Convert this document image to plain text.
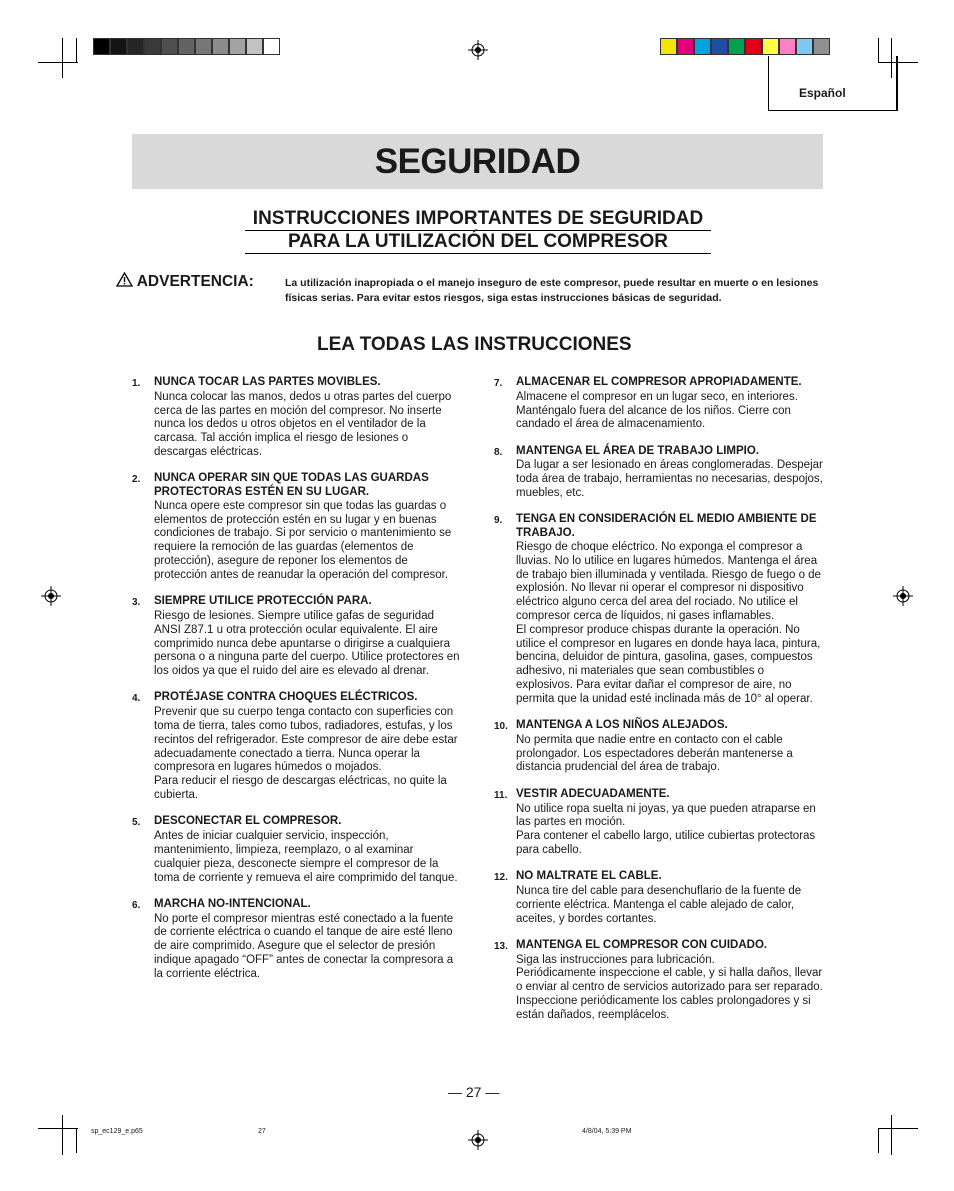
Español
SEGURIDAD
INSTRUCCIONES IMPORTANTES DE SEGURIDAD
PARA LA UTILIZACIÓN DEL COMPRESOR
ADVERTENCIA:	La utilización inapropiada o el manejo inseguro de este compresor, puede resultar en muerte o en lesiones físicas serias. Para evitar estos riesgos, siga estas instrucciones básicas de seguridad.
LEA TODAS LAS INSTRUCCIONES
1.	NUNCA TOCAR LAS PARTES MOVIBLES.

Nunca colocar las manos, dedos u otras partes del cuerpo cerca de las partes en moción del compresor. No inserte nunca los dedos u otros objetos en el ventilador de la carcasa. Tal acción implica el riesgo de lesiones o descargas eléctricas.

2.	NUNCA OPERAR SIN QUE TODAS LAS GUARDAS PROTECTORAS ESTÉN EN SU LUGAR.

Nunca opere este compresor sin que todas las guardas o elementos de protección estén en su lugar y en buenas condiciones de trabajo. Si por servicio o mantenimiento se requiere la remoción de las guardas (elementos de protección), asegure de reponer los elementos de protección antes de reanudar la operación del compresor.

3.	SIEMPRE UTILICE PROTECCIÓN PARA.

Riesgo de lesiones. Siempre utilice gafas de seguridad ANSI Z87.1 u otra protección ocular equivalente. El aire comprimido nunca debe apuntarse o dirigirse a cualquiera persona o a ninguna parte del cuerpo. Utilice protectores en los oidos ya que el ruido del aire es elevado al drenar.

4.	PROTÉJASE CONTRA CHOQUES ELÉCTRICOS.

Prevenir que su cuerpo tenga contacto con superficies con toma de tierra, tales como tubos, radiadores, estufas, y los recintos del refrigerador. Este compresor de aire debe estar adecuadamente conectado a tierra. Nunca operar la compresora en lugares húmedos o mojados.

Para reducir el riesgo de descargas eléctricas, no quite la cubierta.

5.	DESCONECTAR EL COMPRESOR.

Antes de iniciar cualquier servicio, inspección, mantenimiento, limpieza, reemplazo, o al examinar cualquier pieza, desconecte siempre el compresor de la toma de corriente y remueva el aire comprimido del tanque.

6.	MARCHA NO-INTENCIONAL.

No porte el compresor mientras esté conectado a la fuente de corriente eléctrica o cuando el tanque de aire esté lleno de aire comprimido. Asegure que el selector de presión indique apagado “OFF” antes de conectar la compresora a la corriente eléctrica.

7.	ALMACENAR EL COMPRESOR APROPIADAMENTE.

Almacene el compresor en un lugar seco, en interiores. Manténgalo fuera del alcance de los niños. Cierre con candado el área de almacenamiento.

8.	MANTENGA EL ÁREA DE TRABAJO LIMPIO.

Da lugar a ser lesionado en áreas conglomeradas. Despejar toda área de trabajo, herramientas no necesarias, despojos, muebles, etc.

9.	TENGA EN CONSIDERACIÓN EL MEDIO AMBIENTE DE TRABAJO.

Riesgo de choque eléctrico. No exponga el compresor a lluvias. No lo utilice en lugares húmedos. Mantenga el área de trabajo bien illuminada y ventilada. Riesgo de fuego o de explosión. No llevar ni operar el compresor ni dispositivo eléctrico alguno cerca del area del rociado. No utilice el compresor cerca de líquidos, ni gases inflamables.

El compresor produce chispas durante la operación. No utilice el compresor en lugares en donde haya laca, pintura, bencina, deluidor de pintura, gasolina, gases, compuestos adhesivo, ni materiales que sean combustibles o explosivos. Para evitar dañar el compresor de aire, no permita que la unidad esté inclinada más de 10° al operar.

10. MANTENGA A LOS NIÑOS ALEJADOS.

No permita que nadie entre en contacto con el cable prolongador. Los espectadores deberán mantenerse a distancia prudencial del área de trabajo.

11. VESTIR ADECUADAMENTE.

No utilice ropa suelta ni joyas, ya que pueden atraparse en las partes en moción.

Para contener el cabello largo, utilice cubiertas protectoras para cabello.

12. NO MALTRATE EL CABLE.

Nunca tire del cable para desenchuflario de la fuente de corriente eléctrica. Mantenga el cable alejado de calor, aceites, y bordes cortantes.

13. MANTENGA EL COMPRESOR CON CUIDADO.

Siga las instrucciones para lubricación.

Periódicamente inspeccione el cable, y si halla daños, llevar o enviar al centro de servicios autorizado para ser reparado. Inspeccione periódicamente los cables prolongadores y si están dañados, reemplácelos.

— 27 —
sp_ec129_e.p65	27	4/8/04, 5:39 PM
